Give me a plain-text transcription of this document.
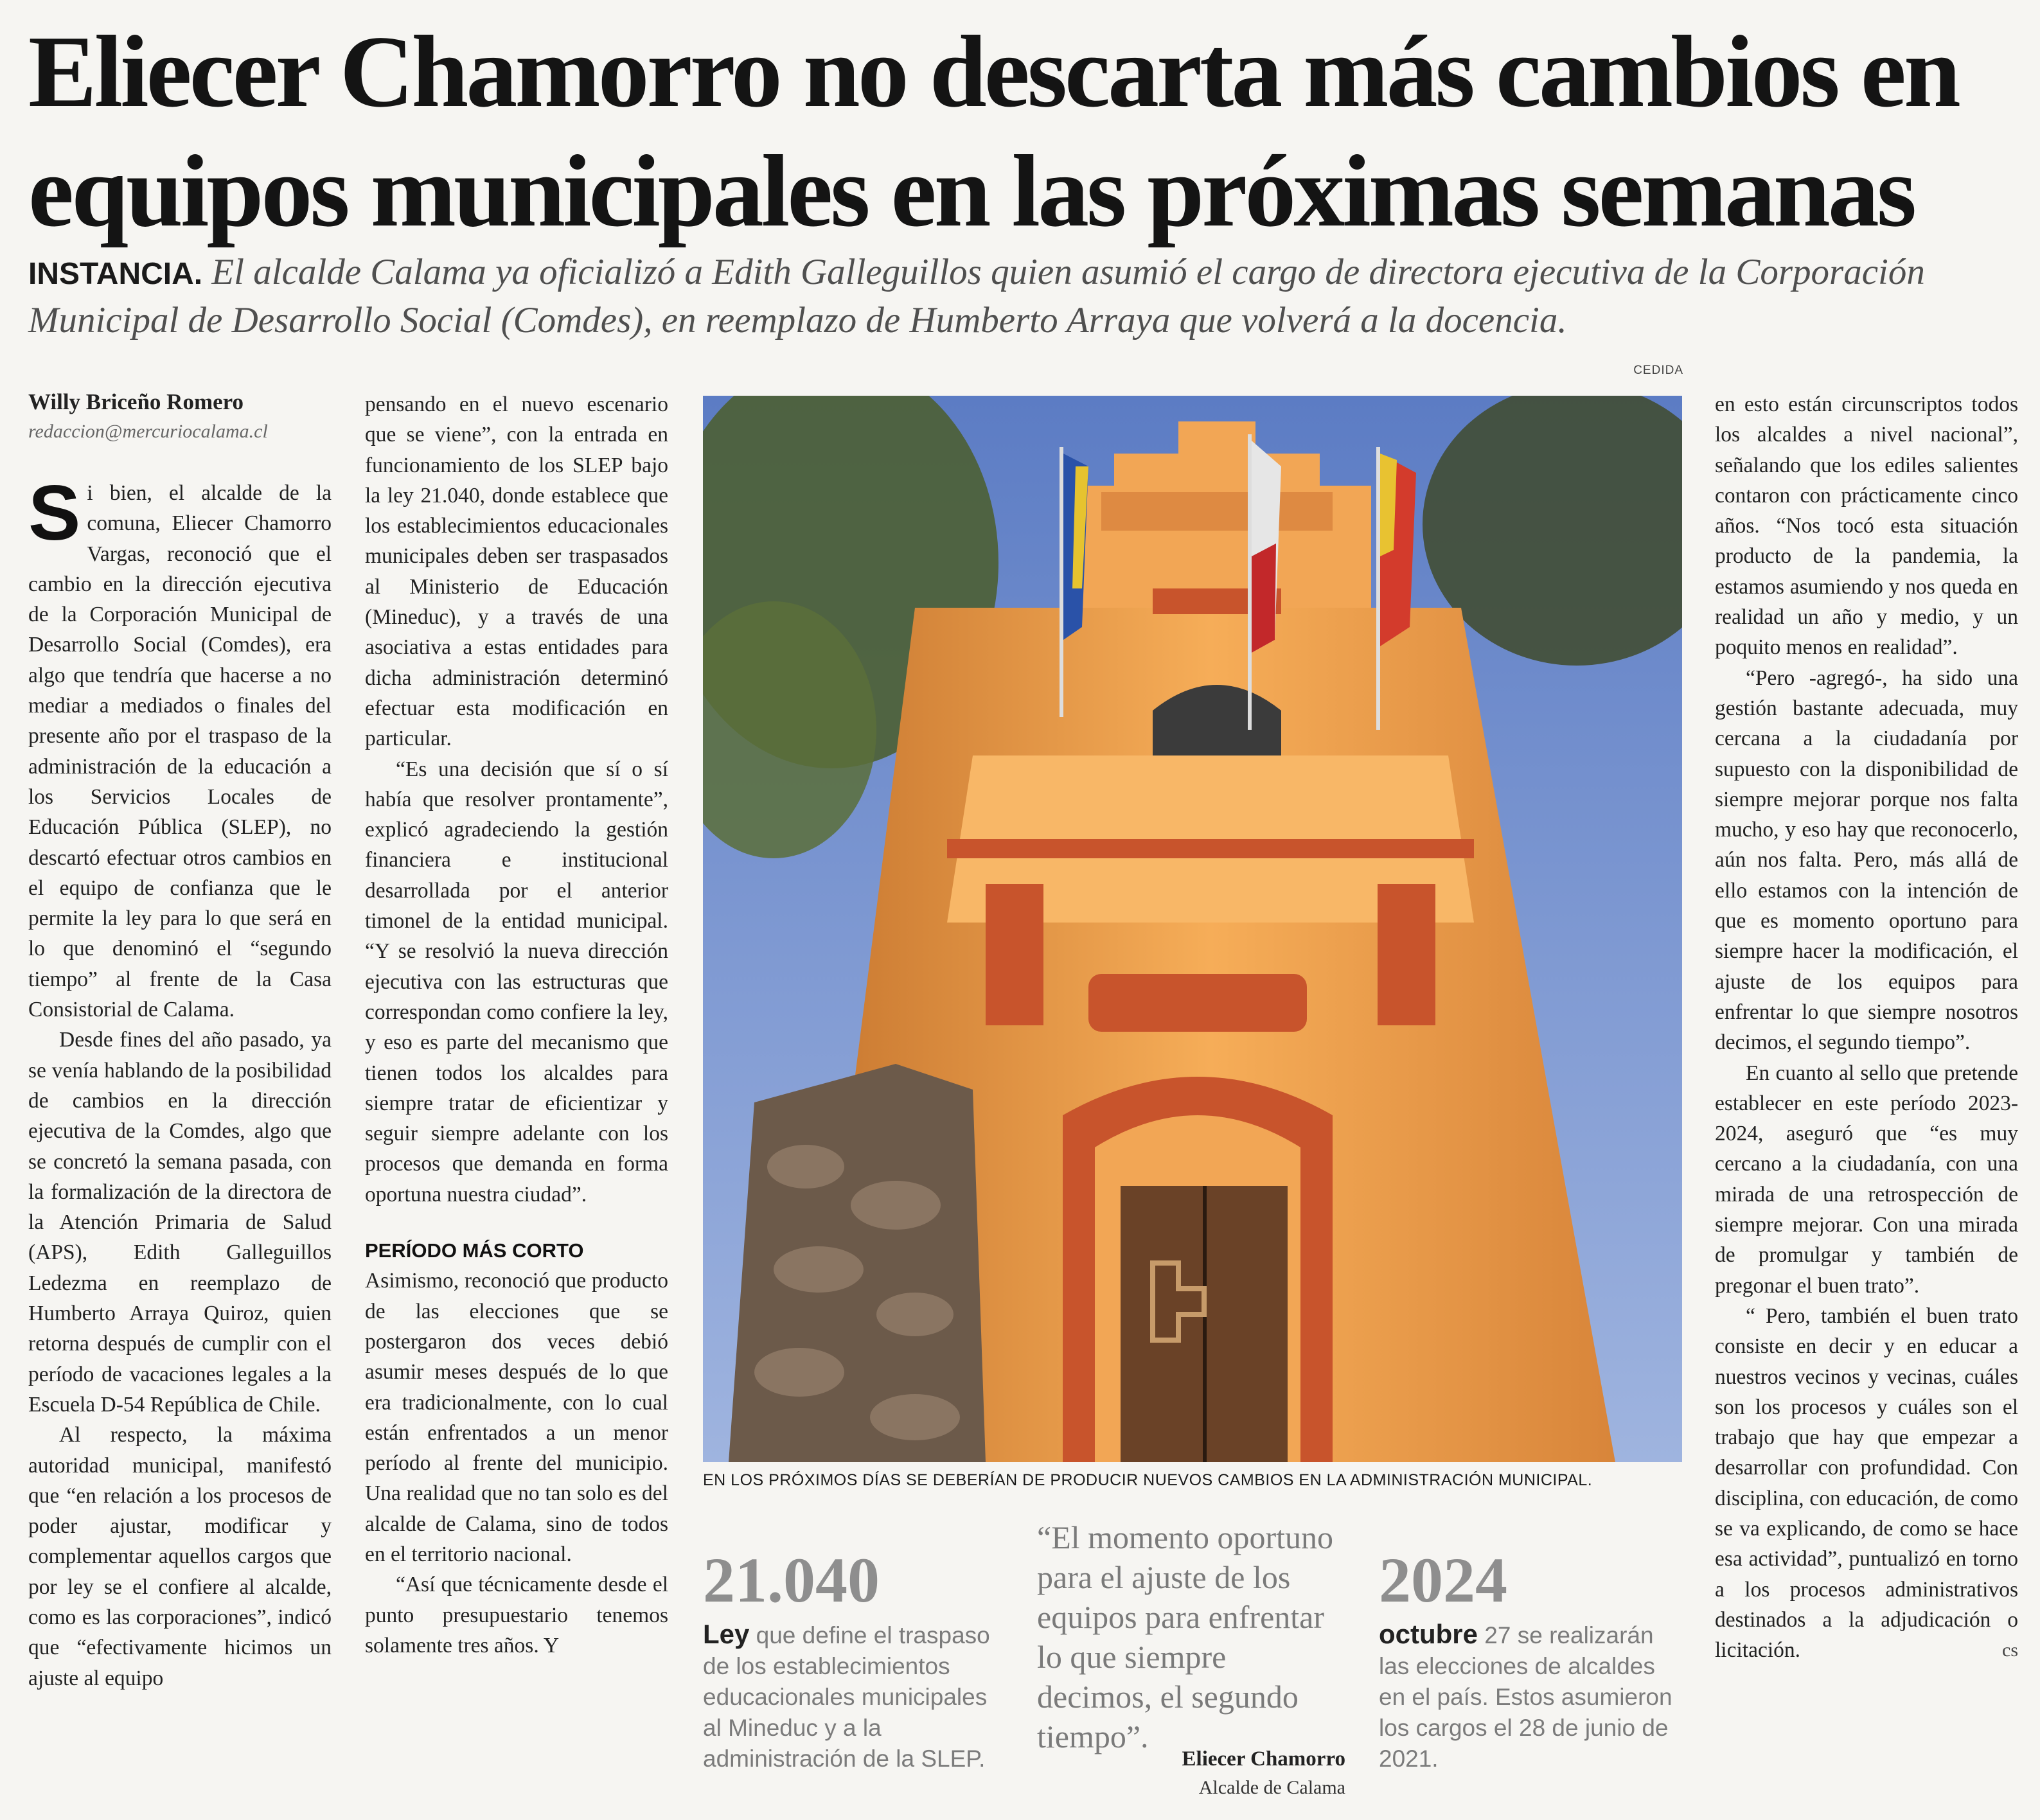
Eliecer Chamorro no descarta más cambios en equipos municipales en las próximas semanas
INSTANCIA. El alcalde Calama ya oficializó a Edith Galleguillos quien asumió el cargo de directora ejecutiva de la Corporación Municipal de Desarrollo Social (Comdes), en reemplazo de Humberto Arraya que volverá a la docencia.
CEDIDA
Willy Briceño Romero
redaccion@mercuriocalama.cl

Si bien, el alcalde de la comuna, Eliecer Chamorro Vargas, reconoció que el cambio en la dirección ejecutiva de la Corporación Municipal de Desarrollo Social (Comdes), era algo que tendría que hacerse a no mediar a mediados o finales del presente año por el traspaso de la administración de la educación a los Servicios Locales de Educación Pública (SLEP), no descartó efectuar otros cambios en el equipo de confianza que le permite la ley para lo que será en lo que denominó el “segundo tiempo” al frente de la Casa Consistorial de Calama.

Desde fines del año pasado, ya se venía hablando de la posibilidad de cambios en la dirección ejecutiva de la Comdes, algo que se concretó la semana pasada, con la formalización de la directora de la Atención Primaria de Salud (APS), Edith Galleguillos Ledezma en reemplazo de Humberto Arraya Quiroz, quien retorna después de cumplir con el período de vacaciones legales a la Escuela D-54 República de Chile.

Al respecto, la máxima autoridad municipal, manifestó que “en relación a los procesos de poder ajustar, modificar y complementar aquellos cargos que por ley se el confiere al alcalde, como es las corporaciones”, indicó que “efectivamente hicimos un ajuste al equipo

pensando en el nuevo escenario que se viene”, con la entrada en funcionamiento de los SLEP bajo la ley 21.040, donde establece que los establecimientos educacionales municipales deben ser traspasados al Ministerio de Educación (Mineduc), y a través de una asociativa a estas entidades para dicha administración determinó efectuar esta modificación en particular.

“Es una decisión que sí o sí había que resolver prontamente”, explicó agradeciendo la gestión financiera e institucional desarrollada por el anterior timonel de la entidad municipal. “Y se resolvió la nueva dirección ejecutiva con las estructuras que correspondan como confiere la ley, y eso es parte del mecanismo que tienen todos los alcaldes para siempre tratar de eficientizar y seguir siempre adelante con los procesos que demanda en forma oportuna nuestra ciudad”.

PERÍODO MÁS CORTO

Asimismo, reconoció que producto de las elecciones que se postergaron dos veces debió asumir meses después de lo que era tradicionalmente, con lo cual están enfrentados a un menor período al frente del municipio. Una realidad que no tan solo es del alcalde de Calama, sino de todos en el territorio nacional.

“Así que técnicamente desde el punto presupuestario tenemos solamente tres años. Y

EN LOS PRÓXIMOS DÍAS SE DEBERÍAN DE PRODUCIR NUEVOS CAMBIOS EN LA ADMINISTRACIÓN MUNICIPAL.

en esto están circunscriptos todos los alcaldes a nivel nacional”, señalando que los ediles salientes contaron con prácticamente cinco años. “Nos tocó esta situación producto de la pandemia, la estamos asumiendo y nos queda en realidad un año y medio, y un poquito menos en realidad”.

“Pero -agregó-, ha sido una gestión bastante adecuada, muy cercana a la ciudadanía por supuesto con la disponibilidad de siempre mejorar porque nos falta mucho, y eso hay que reconocerlo, aún nos falta. Pero, más allá de ello estamos con la intención de que es momento oportuno para siempre hacer la modificación, el ajuste de los equipos para enfrentar lo que siempre nosotros decimos, el segundo tiempo”.

En cuanto al sello que pretende establecer en este período 2023-2024, aseguró que “es muy cercano a la ciudadanía, con una mirada de una retrospección de siempre mejorar. Con una mirada de promulgar y también de pregonar el buen trato”.

“ Pero, también el buen trato consiste en decir y en educar a nuestros vecinos y vecinas, cuáles son los procesos y cuáles son el trabajo que hay que empezar a desarrollar con profundidad. Con disciplina, con educación, de como se va explicando, de como se hace esa actividad”, puntualizó en torno a los procesos administrativos destinados a la adjudicación o licitación.	cs

21.040
Ley que define el traspaso de los establecimientos educacionales municipales al Mineduc y a la administración de la SLEP.
“El momento oportuno para el ajuste de los equipos para enfrentar lo que siempre decimos, el segundo tiempo”.
Eliecer Chamorro
Alcalde de Calama
2024
octubre 27 se realizarán las elecciones de alcaldes en el país. Estos asumieron los cargos el 28 de junio de 2021.
